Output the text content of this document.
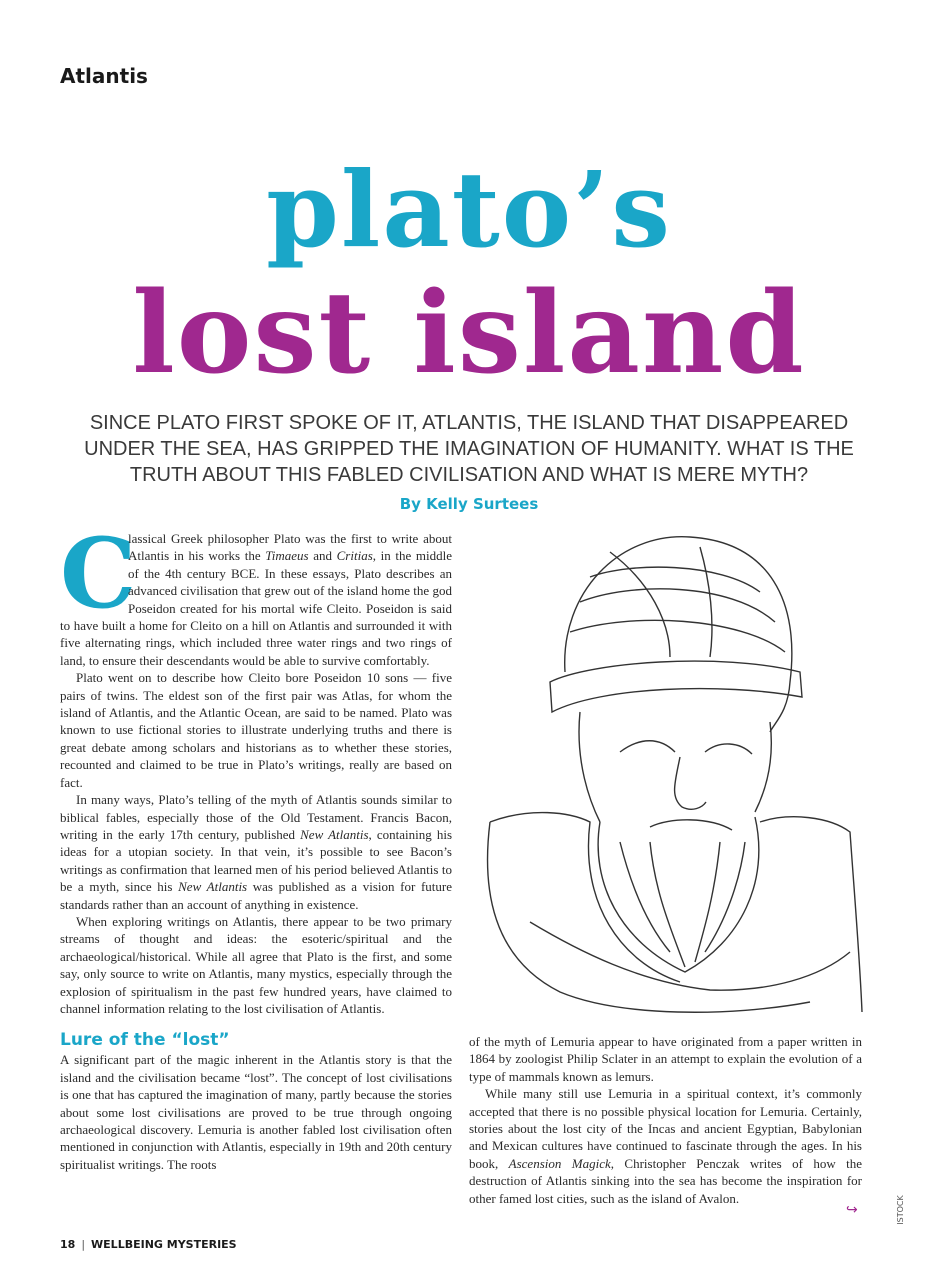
Atlantis
plato’s
lost island
SINCE PLATO FIRST SPOKE OF IT, ATLANTIS, THE ISLAND THAT DISAPPEARED UNDER THE SEA, HAS GRIPPED THE IMAGINATION OF HUMANITY. WHAT IS THE TRUTH ABOUT THIS FABLED CIVILISATION AND WHAT IS MERE MYTH?
By Kelly Surtees

C
lassical Greek philosopher Plato was the first to write about Atlantis in his works the Timaeus and Critias, in the middle of the 4th century BCE. In these essays, Plato describes an advanced civilisation that grew out of the island home the god Poseidon created for his mortal wife Cleito. Poseidon is said to have built a home for Cleito on a hill on Atlantis and surrounded it with five alternating rings, which included three water rings and two rings of land, to ensure their descendants would be able to survive comfortably.

Plato went on to describe how Cleito bore Poseidon 10 sons — five pairs of twins. The eldest son of the first pair was Atlas, for whom the island of Atlantis, and the Atlantic Ocean, are said to be named. Plato was known to use fictional stories to illustrate underlying truths and there is great debate among scholars and historians as to whether these stories, recounted and claimed to be true in Plato’s writings, really are based on fact.

In many ways, Plato’s telling of the myth of Atlantis sounds similar to biblical fables, especially those of the Old Testament. Francis Bacon, writing in the early 17th century, published New Atlantis, containing his ideas for a utopian society. In that vein, it’s possible to see Bacon’s writings as confirmation that learned men of his period believed Atlantis to be a myth, since his New Atlantis was published as a vision for future standards rather than an account of anything in existence.

When exploring writings on Atlantis, there appear to be two primary streams of thought and ideas: the esoteric/spiritual and the archaeological/historical. While all agree that Plato is the first, and some say, only source to write on Atlantis, many mystics, especially through the explosion of spiritualism in the past few hundred years, have claimed to channel information relating to the lost civilisation of Atlantis.

Lure of the “lost”

A significant part of the magic inherent in the Atlantis story is that the island and the civilisation became “lost”. The concept of lost civilisations is one that has captured the imagination of many, partly because the stories about some lost civilisations are proved to be true through ongoing archaeological discovery. Lemuria is another fabled lost civilisation often mentioned in conjunction with Atlantis, especially in 19th and 20th century spiritualist writings. The roots

of the myth of Lemuria appear to have originated from a paper written in 1864 by zoologist Philip Sclater in an attempt to explain the evolution of a type of mammals known as lemurs.

While many still use Lemuria in a spiritual context, it’s commonly accepted that there is no possible physical location for Lemuria. Certainly, stories about the lost city of the Incas and ancient Egyptian, Babylonian and Mexican cultures have continued to fascinate through the ages. In his book, Ascension Magick, Christopher Penczak writes of how the destruction of Atlantis sinking into the sea has become the inspiration for other famed lost cities, such as the island of Avalon.

↪	ISTOCK
18 | WELLBEING MYSTERIES
